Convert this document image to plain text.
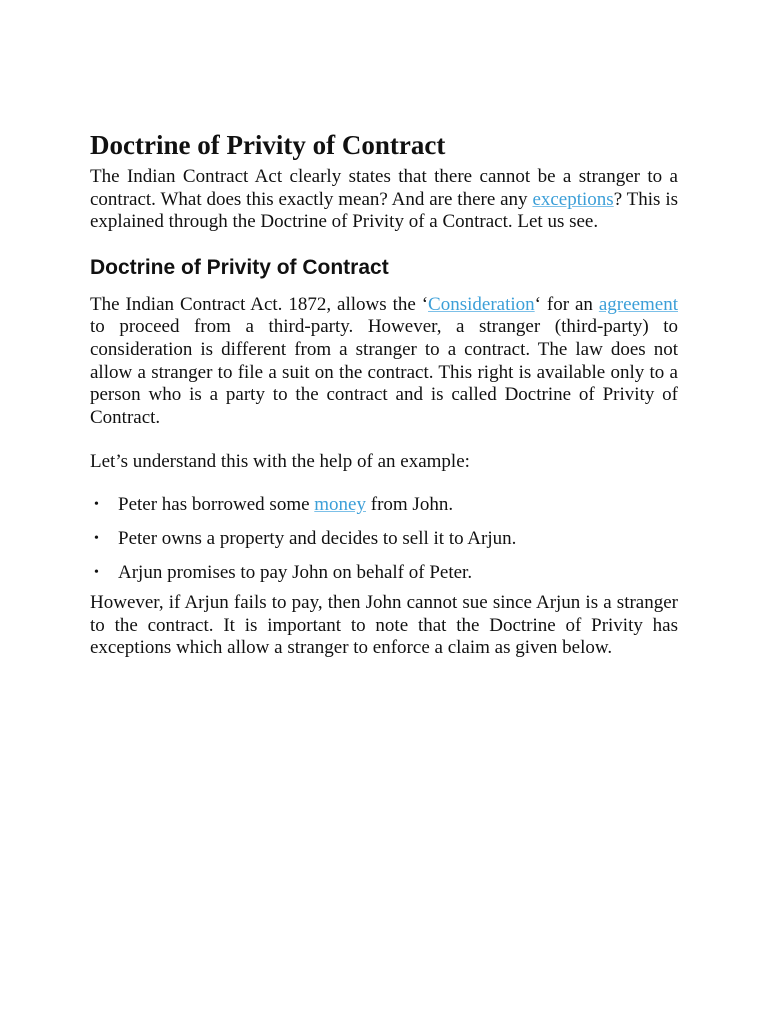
Doctrine of Privity of Contract

The Indian Contract Act clearly states that there cannot be a stranger to a contract. What does this exactly mean? And are there any exceptions? This is explained through the Doctrine of Privity of a Contract. Let us see.

Doctrine of Privity of Contract

The Indian Contract Act. 1872, allows the ‘Consideration‘ for an agreement to proceed from a third-party. However, a stranger (third-party) to consideration is different from a stranger to a contract. The law does not allow a stranger to file a suit on the contract. This right is available only to a person who is a party to the contract and is called Doctrine of Privity of Contract.

Let’s understand this with the help of an example:

• Peter has borrowed some money from John.
• Peter owns a property and decides to sell it to Arjun.
• Arjun promises to pay John on behalf of Peter.

However, if Arjun fails to pay, then John cannot sue since Arjun is a stranger to the contract. It is important to note that the Doctrine of Privity has exceptions which allow a stranger to enforce a claim as given below.
